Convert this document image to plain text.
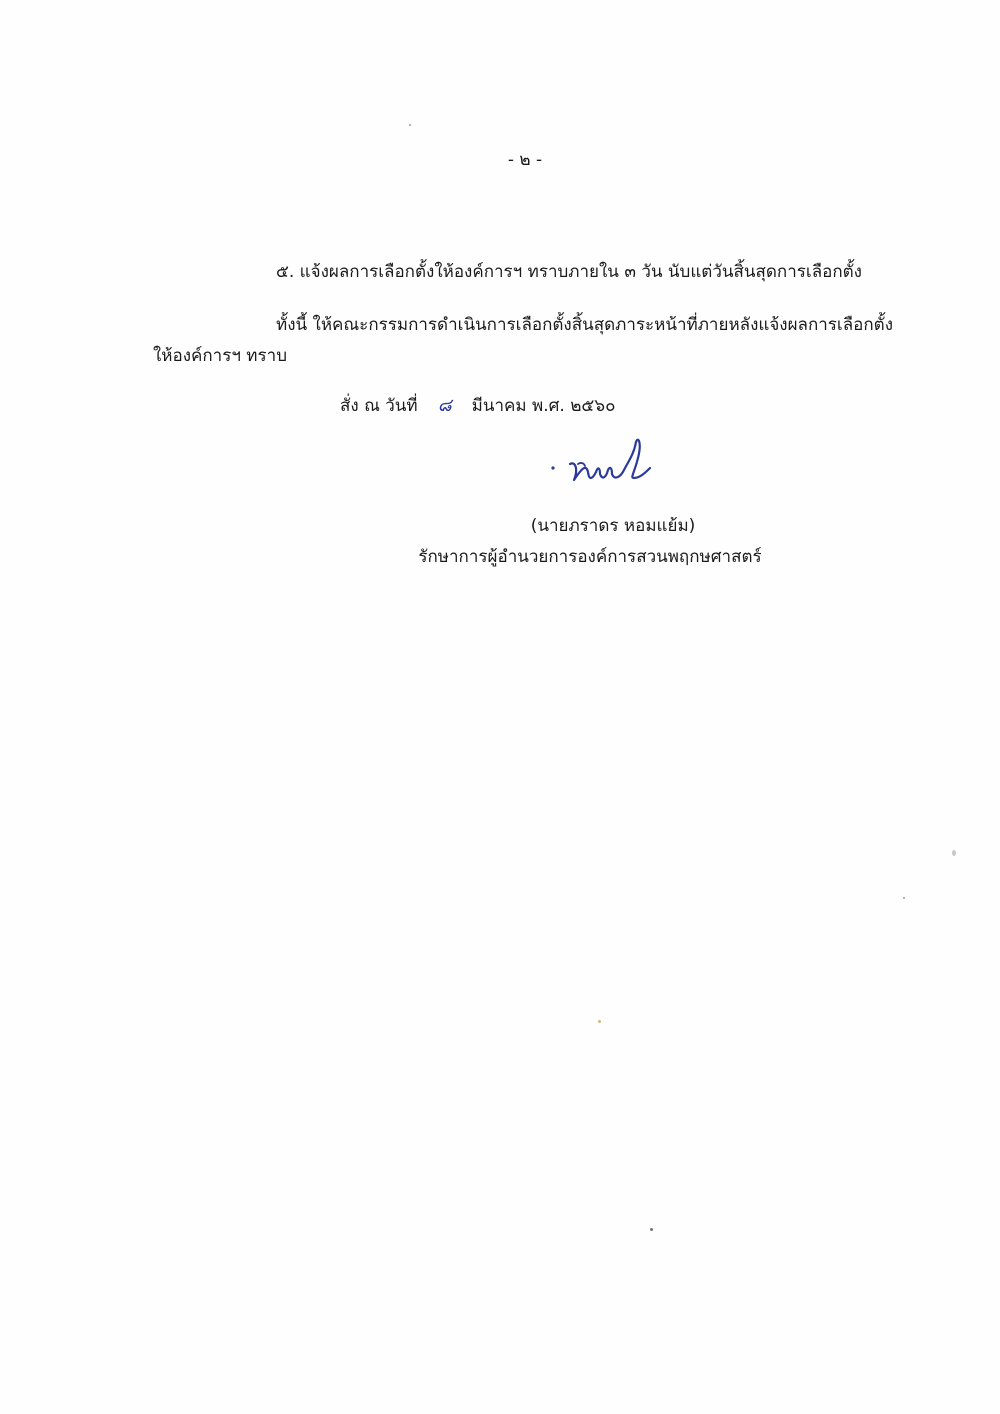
- ๒ -
๕. แจ้งผลการเลือกตั้งให้องค์การฯ ทราบภายใน ๓ วัน นับแต่วันสิ้นสุดการเลือกตั้ง
ทั้งนี้ ให้คณะกรรมการดำเนินการเลือกตั้งสิ้นสุดภาระหน้าที่ภายหลังแจ้งผลการเลือกตั้ง
ให้องค์การฯ ทราบ
สั่ง ณ วันที่ ๘ มีนาคม พ.ศ. ๒๕๖๐
(นายภราดร หอมแย้ม)
รักษาการผู้อำนวยการองค์การสวนพฤกษศาสตร์
